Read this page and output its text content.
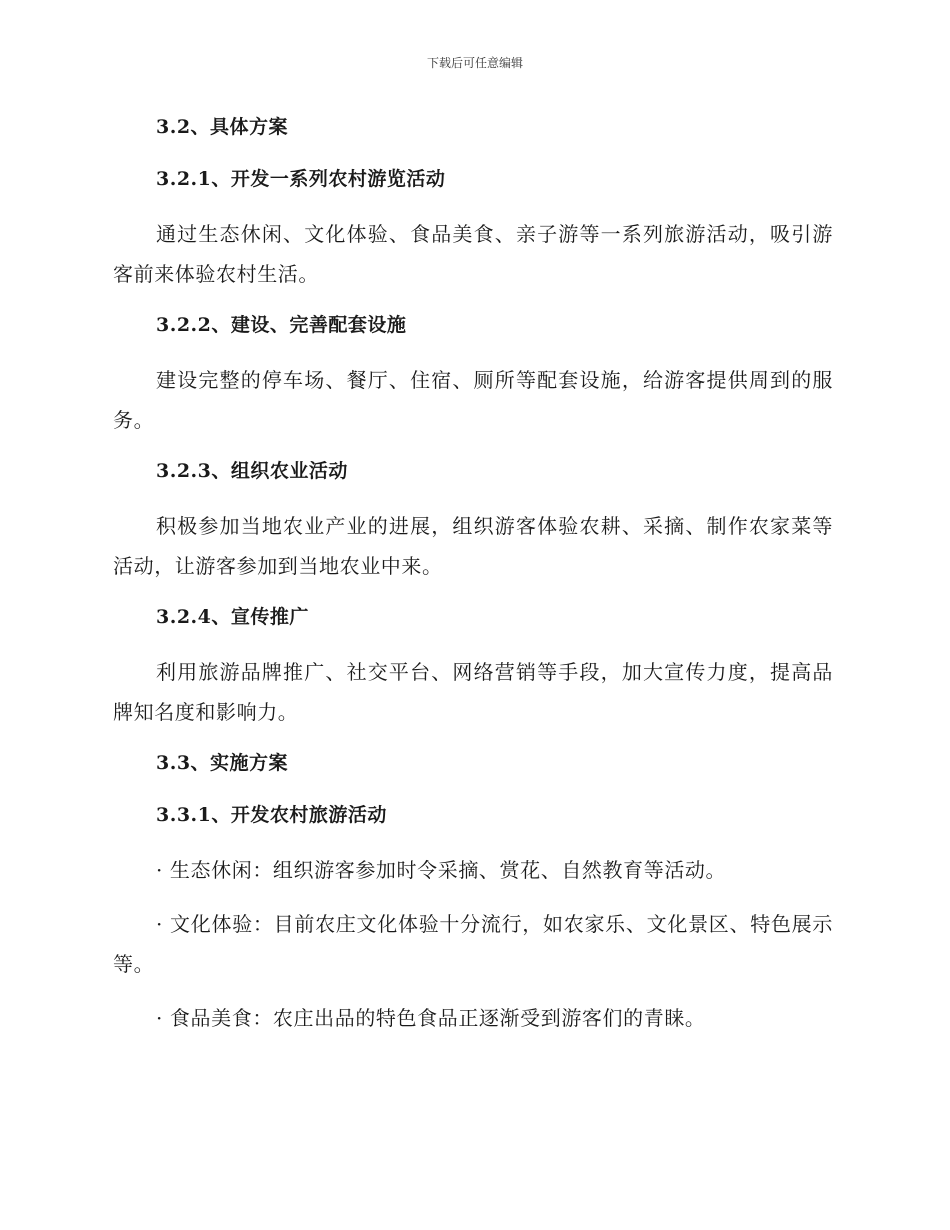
下载后可任意编辑
3.2、具体方案
3.2.1、开发一系列农村游览活动
通过生态休闲、文化体验、食品美食、亲子游等一系列旅游活动，吸引游客前来体验农村生活。
3.2.2、建设、完善配套设施
建设完整的停车场、餐厅、住宿、厕所等配套设施，给游客提供周到的服务。
3.2.3、组织农业活动
积极参加当地农业产业的进展，组织游客体验农耕、采摘、制作农家菜等活动，让游客参加到当地农业中来。
3.2.4、宣传推广
利用旅游品牌推广、社交平台、网络营销等手段，加大宣传力度，提高品牌知名度和影响力。
3.3、实施方案
3.3.1、开发农村旅游活动
· 生态休闲：组织游客参加时令采摘、赏花、自然教育等活动。
· 文化体验：目前农庄文化体验十分流行，如农家乐、文化景区、特色展示等。
· 食品美食：农庄出品的特色食品正逐渐受到游客们的青睐。
